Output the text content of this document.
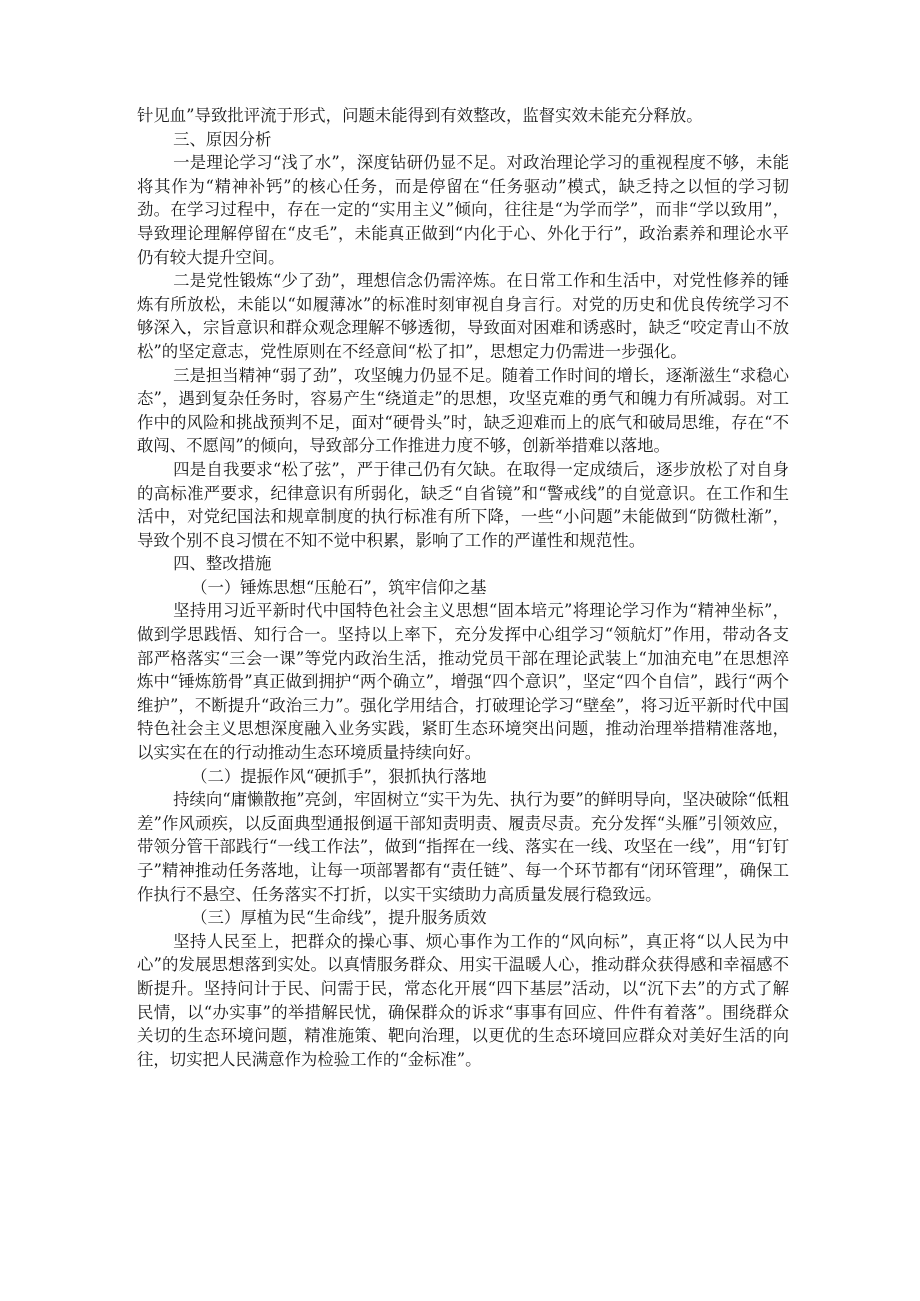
针见血”导致批评流于形式，问题未能得到有效整改，监督实效未能充分释放。

三、原因分析

一是理论学习“浅了水”，深度钻研仍显不足。对政治理论学习的重视程度不够，未能将其作为“精神补钙”的核心任务，而是停留在“任务驱动”模式，缺乏持之以恒的学习韧劲。在学习过程中，存在一定的“实用主义”倾向，往往是“为学而学”，而非“学以致用”，导致理论理解停留在“皮毛”，未能真正做到“内化于心、外化于行”，政治素养和理论水平仍有较大提升空间。

二是党性锻炼“少了劲”，理想信念仍需淬炼。在日常工作和生活中，对党性修养的锤炼有所放松，未能以“如履薄冰”的标准时刻审视自身言行。对党的历史和优良传统学习不够深入，宗旨意识和群众观念理解不够透彻，导致面对困难和诱惑时，缺乏“咬定青山不放松”的坚定意志，党性原则在不经意间“松了扣”，思想定力仍需进一步强化。

三是担当精神“弱了劲”，攻坚魄力仍显不足。随着工作时间的增长，逐渐滋生“求稳心态”，遇到复杂任务时，容易产生“绕道走”的思想，攻坚克难的勇气和魄力有所减弱。对工作中的风险和挑战预判不足，面对“硬骨头”时，缺乏迎难而上的底气和破局思维，存在“不敢闯、不愿闯”的倾向，导致部分工作推进力度不够，创新举措难以落地。

四是自我要求“松了弦”，严于律己仍有欠缺。在取得一定成绩后，逐步放松了对自身的高标准严要求，纪律意识有所弱化，缺乏“自省镜”和“警戒线”的自觉意识。在工作和生活中，对党纪国法和规章制度的执行标准有所下降，一些“小问题”未能做到“防微杜渐”，导致个别不良习惯在不知不觉中积累，影响了工作的严谨性和规范性。

四、整改措施

（一）锤炼思想“压舱石”，筑牢信仰之基

坚持用习近平新时代中国特色社会主义思想“固本培元”将理论学习作为“精神坐标”，做到学思践悟、知行合一。坚持以上率下，充分发挥中心组学习“领航灯”作用，带动各支部严格落实“三会一课”等党内政治生活，推动党员干部在理论武装上“加油充电”在思想淬炼中“锤炼筋骨”真正做到拥护“两个确立”，增强“四个意识”，坚定“四个自信”，践行“两个维护”，不断提升“政治三力”。强化学用结合，打破理论学习“壁垒”，将习近平新时代中国特色社会主义思想深度融入业务实践，紧盯生态环境突出问题，推动治理举措精准落地，以实实在在的行动推动生态环境质量持续向好。

（二）提振作风“硬抓手”，狠抓执行落地

持续向“庸懒散拖”亮剑，牢固树立“实干为先、执行为要”的鲜明导向，坚决破除“低粗差”作风顽疾，以反面典型通报倒逼干部知责明责、履责尽责。充分发挥“头雁”引领效应，带领分管干部践行“一线工作法”，做到“指挥在一线、落实在一线、攻坚在一线”，用“钉钉子”精神推动任务落地，让每一项部署都有“责任链”、每一个环节都有“闭环管理”，确保工作执行不悬空、任务落实不打折，以实干实绩助力高质量发展行稳致远。

（三）厚植为民“生命线”，提升服务质效

坚持人民至上，把群众的操心事、烦心事作为工作的“风向标”，真正将“以人民为中心”的发展思想落到实处。以真情服务群众、用实干温暖人心，推动群众获得感和幸福感不断提升。坚持问计于民、问需于民，常态化开展“四下基层”活动，以“沉下去”的方式了解民情，以“办实事”的举措解民忧，确保群众的诉求“事事有回应、件件有着落”。围绕群众关切的生态环境问题，精准施策、靶向治理，以更优的生态环境回应群众对美好生活的向往，切实把人民满意作为检验工作的“金标准”。
